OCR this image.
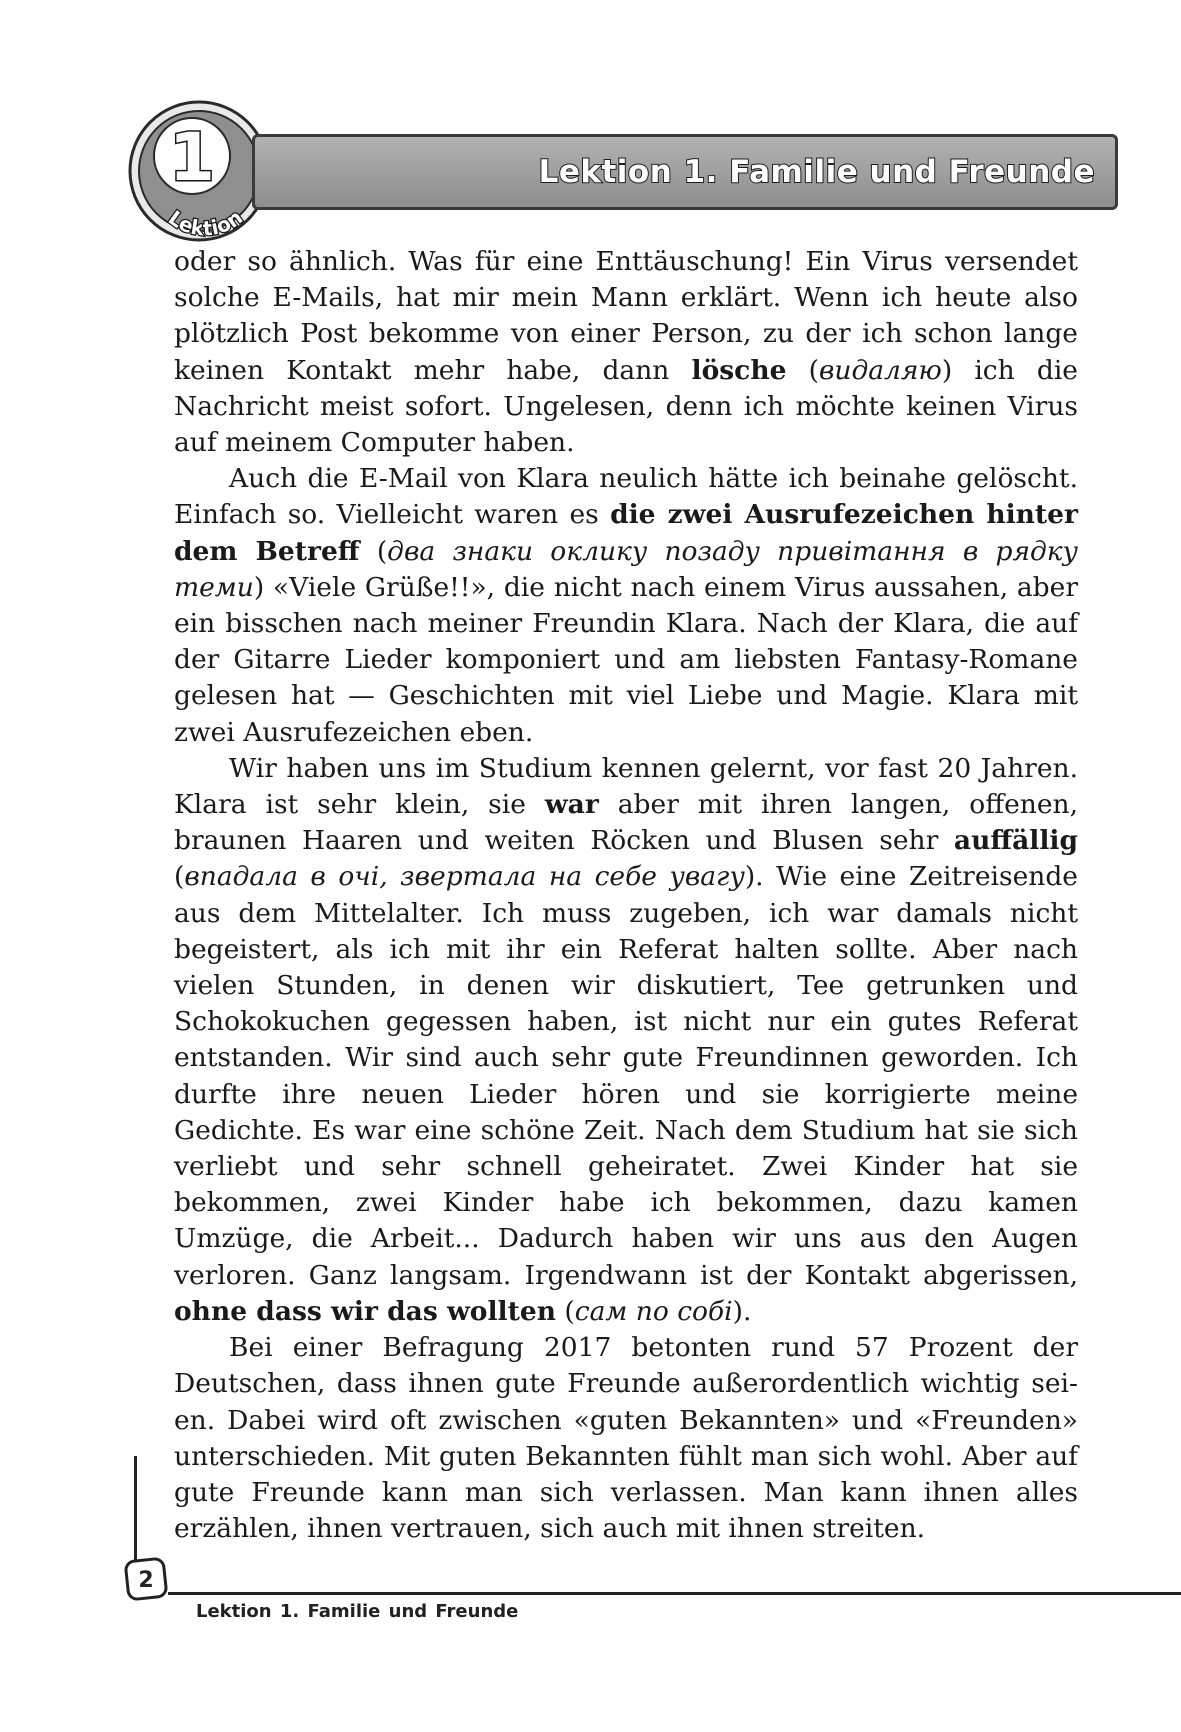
1
Lektion
Lektion 1. Familie und Freunde

oder so ähnlich. Was für eine Enttäuschung! Ein Virus versendet solche E-Mails, hat mir mein Mann erklärt. Wenn ich heute also plötzlich Post bekomme von einer Person, zu der ich schon lange keinen Kontakt mehr habe, dann lösche (видаляю) ich die Nachricht meist sofort. Ungelesen, denn ich möchte keinen Virus auf meinem Computer haben.

Auch die E-Mail von Klara neulich hätte ich beinahe gelöscht. Einfach so. Vielleicht waren es die zwei Ausrufezeichen hinter dem Betreff (два знаки оклику позаду привітання в рядку теми) «Viele Grüße!!», die nicht nach einem Virus aussahen, aber ein bisschen nach meiner Freundin Klara. Nach der Klara, die auf der Gitarre Lieder komponiert und am liebsten Fantasy-Romane gelesen hat — Geschichten mit viel Liebe und Magie. Klara mit zwei Ausrufezeichen eben.

Wir haben uns im Studium kennen gelernt, vor fast 20 Jahren. Klara ist sehr klein, sie war aber mit ihren langen, offenen, braunen Haaren und weiten Röcken und Blusen sehr auffällig (впадала в очі, звертала на себе увагу). Wie eine Zeitreisende aus dem Mittelalter. Ich muss zugeben, ich war damals nicht begeistert, als ich mit ihr ein Referat halten sollte. Aber nach vielen Stunden, in denen wir diskutiert, Tee getrunken und Schokokuchen gegessen haben, ist nicht nur ein gutes Referat entstanden. Wir sind auch sehr gute Freundinnen geworden. Ich durfte ihre neuen Lieder hören und sie korrigierte meine Gedichte. Es war eine schöne Zeit. Nach dem Studium hat sie sich verliebt und sehr schnell geheiratet. Zwei Kinder hat sie bekommen, zwei Kinder habe ich bekommen, dazu kamen Umzüge, die Arbeit... Dadurch haben wir uns aus den Augen verloren. Ganz langsam. Irgendwann ist der Kontakt abgerissen, ohne dass wir das wollten (сам по собі).

Bei einer Befragung 2017 betonten rund 57 Prozent der Deutschen, dass ihnen gute Freunde außerordentlich wichtig seien. Dabei wird oft zwischen «guten Bekannten» und «Freunden» unterschieden. Mit guten Bekannten fühlt man sich wohl. Aber auf gute Freunde kann man sich verlassen. Man kann ihnen alles erzählen, ihnen vertrauen, sich auch mit ihnen streiten.

2
Lektion 1. Familie und Freunde
